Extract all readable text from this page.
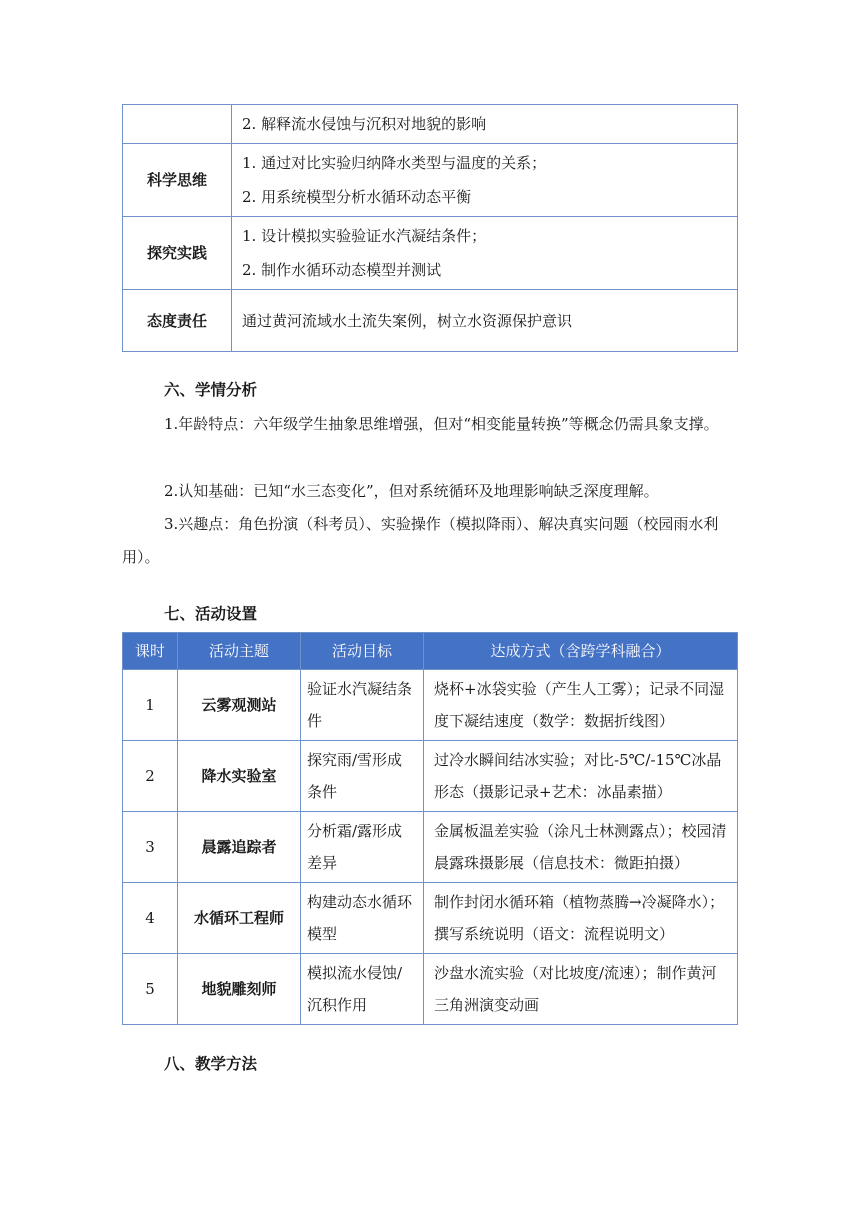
	2. 解释流水侵蚀与沉积对地貌的影响

科学思维	1. 通过对比实验归纳降水类型与温度的关系；
2. 用系统模型分析水循环动态平衡

探究实践	1. 设计模拟实验验证水汽凝结条件；
2. 制作水循环动态模型并测试

态度责任	通过黄河流域水土流失案例，树立水资源保护意识
六、学情分析
1.年龄特点：六年级学生抽象思维增强，但对“相变能量转换”等概念仍需具象支撑。
2.认知基础：已知“水三态变化”，但对系统循环及地理影响缺乏深度理解。
3.兴趣点：角色扮演（科考员）、实验操作（模拟降雨）、解决真实问题（校园雨水利用）。
七、活动设置
课时	活动主题	活动目标	达成方式（含跨学科融合）
1	云雾观测站	验证水汽凝结条件	烧杯+冰袋实验（产生人工雾）；记录不同湿度下凝结速度（数学：数据折线图）
2	降水实验室	探究雨/雪形成条件	过冷水瞬间结冰实验；对比-5℃/-15℃冰晶形态（摄影记录+艺术：冰晶素描）
3	晨露追踪者	分析霜/露形成差异	金属板温差实验（涂凡士林测露点）；校园清晨露珠摄影展（信息技术：微距拍摄）
4	水循环工程师	构建动态水循环模型	制作封闭水循环箱（植物蒸腾→冷凝降水）；撰写系统说明（语文：流程说明文）
5	地貌雕刻师	模拟流水侵蚀/沉积作用	沙盘水流实验（对比坡度/流速）；制作黄河三角洲演变动画
八、教学方法
